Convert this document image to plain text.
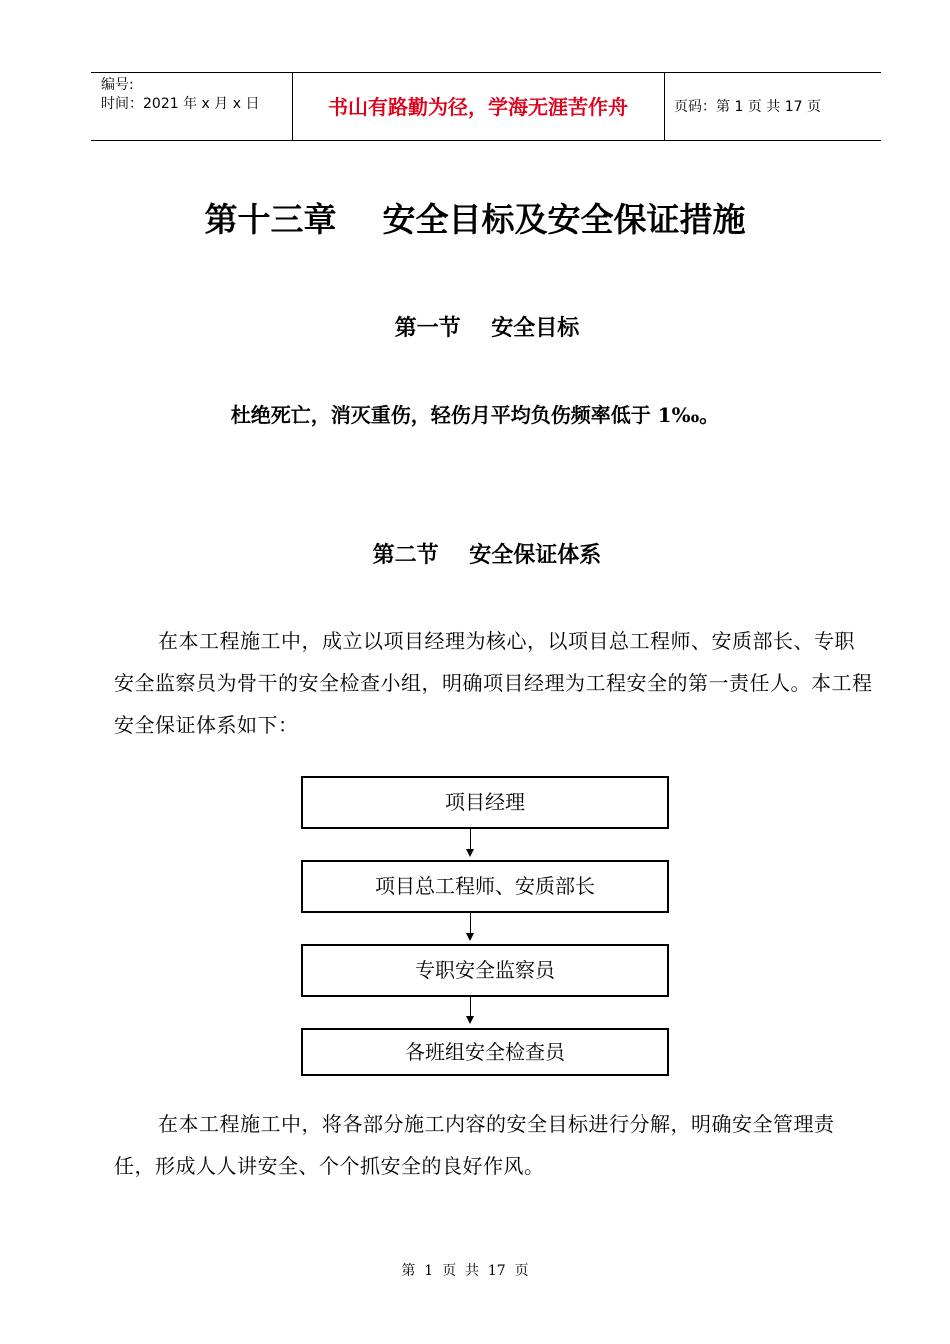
编号:
时间：2021 年 x 月 x 日	书山有路勤为径，学海无涯苦作舟	页码：第 1 页 共 17 页
第十三章    安全目标及安全保证措施
第一节    安全目标
杜绝死亡，消灭重伤，轻伤月平均负伤频率低于 1‰。
第二节    安全保证体系
在本工程施工中，成立以项目经理为核心，以项目总工程师、安质部长、专职安全监察员为骨干的安全检查小组，明确项目经理为工程安全的第一责任人。本工程安全保证体系如下：
项目经理
项目总工程师、安质部长
专职安全监察员
各班组安全检查员
在本工程施工中，将各部分施工内容的安全目标进行分解，明确安全管理责任，形成人人讲安全、个个抓安全的良好作风。
第  1  页  共  17  页
